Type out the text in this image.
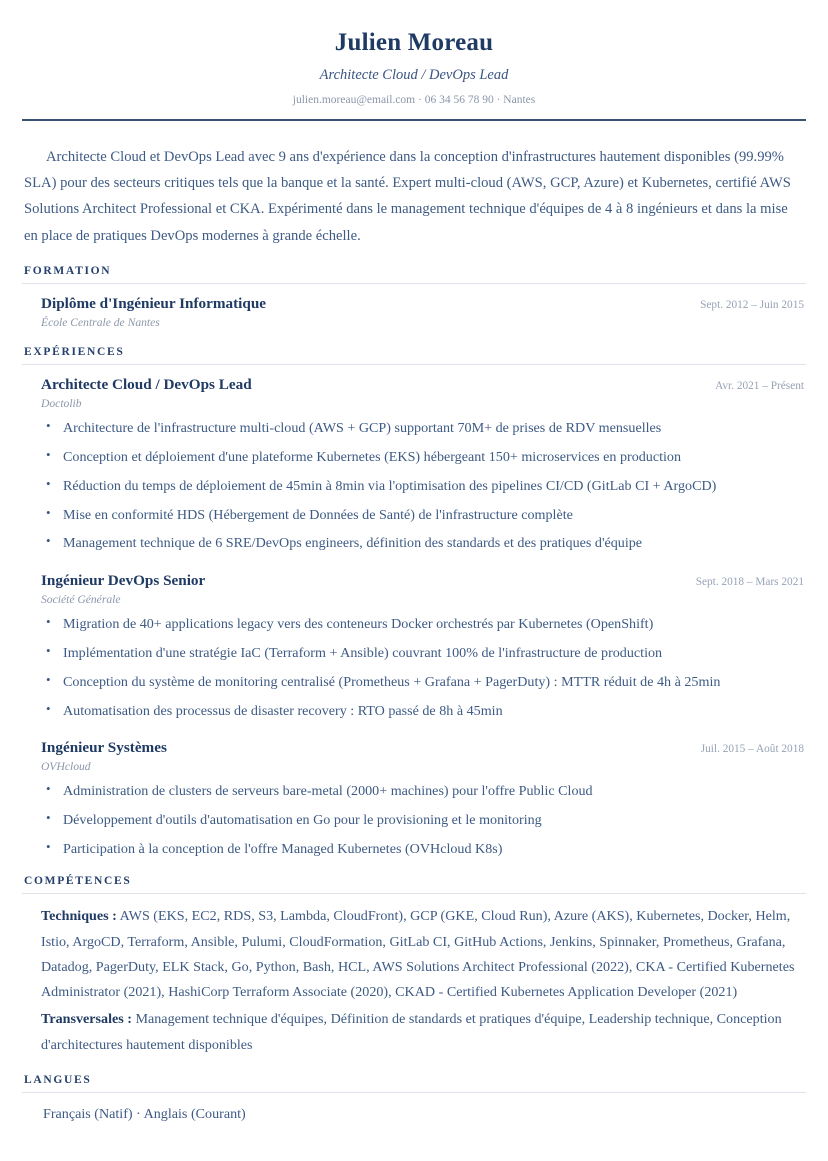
Julien Moreau
Architecte Cloud / DevOps Lead
julien.moreau@email.com · 06 34 56 78 90 · Nantes

Architecte Cloud et DevOps Lead avec 9 ans d'expérience dans la conception d'infrastructures hautement disponibles (99.99% SLA) pour des secteurs critiques tels que la banque et la santé. Expert multi-cloud (AWS, GCP, Azure) et Kubernetes, certifié AWS Solutions Architect Professional et CKA. Expérimenté dans le management technique d'équipes de 4 à 8 ingénieurs et dans la mise en place de pratiques DevOps modernes à grande échelle.

FORMATION
Diplôme d'Ingénieur Informatique	Sept. 2012 – Juin 2015
École Centrale de Nantes
EXPÉRIENCES
Architecte Cloud / DevOps Lead	Avr. 2021 – Présent
Doctolib
• Architecture de l'infrastructure multi-cloud (AWS + GCP) supportant 70M+ de prises de RDV mensuelles
• Conception et déploiement d'une plateforme Kubernetes (EKS) hébergeant 150+ microservices en production
• Réduction du temps de déploiement de 45min à 8min via l'optimisation des pipelines CI/CD (GitLab CI + ArgoCD)
• Mise en conformité HDS (Hébergement de Données de Santé) de l'infrastructure complète
• Management technique de 6 SRE/DevOps engineers, définition des standards et des pratiques d'équipe
Ingénieur DevOps Senior	Sept. 2018 – Mars 2021
Société Générale
• Migration de 40+ applications legacy vers des conteneurs Docker orchestrés par Kubernetes (OpenShift)
• Implémentation d'une stratégie IaC (Terraform + Ansible) couvrant 100% de l'infrastructure de production
• Conception du système de monitoring centralisé (Prometheus + Grafana + PagerDuty) : MTTR réduit de 4h à 25min
• Automatisation des processus de disaster recovery : RTO passé de 8h à 45min
Ingénieur Systèmes	Juil. 2015 – Août 2018
OVHcloud
• Administration de clusters de serveurs bare-metal (2000+ machines) pour l'offre Public Cloud
• Développement d'outils d'automatisation en Go pour le provisioning et le monitoring
• Participation à la conception de l'offre Managed Kubernetes (OVHcloud K8s)
COMPÉTENCES

Techniques : AWS (EKS, EC2, RDS, S3, Lambda, CloudFront), GCP (GKE, Cloud Run), Azure (AKS), Kubernetes, Docker, Helm, Istio, ArgoCD, Terraform, Ansible, Pulumi, CloudFormation, GitLab CI, GitHub Actions, Jenkins, Spinnaker, Prometheus, Grafana, Datadog, PagerDuty, ELK Stack, Go, Python, Bash, HCL, AWS Solutions Architect Professional (2022), CKA - Certified Kubernetes Administrator (2021), HashiCorp Terraform Associate (2020), CKAD - Certified Kubernetes Application Developer (2021)

Transversales : Management technique d'équipes, Définition de standards et pratiques d'équipe, Leadership technique, Conception d'architectures hautement disponibles

LANGUES
Français (Natif) · Anglais (Courant)
